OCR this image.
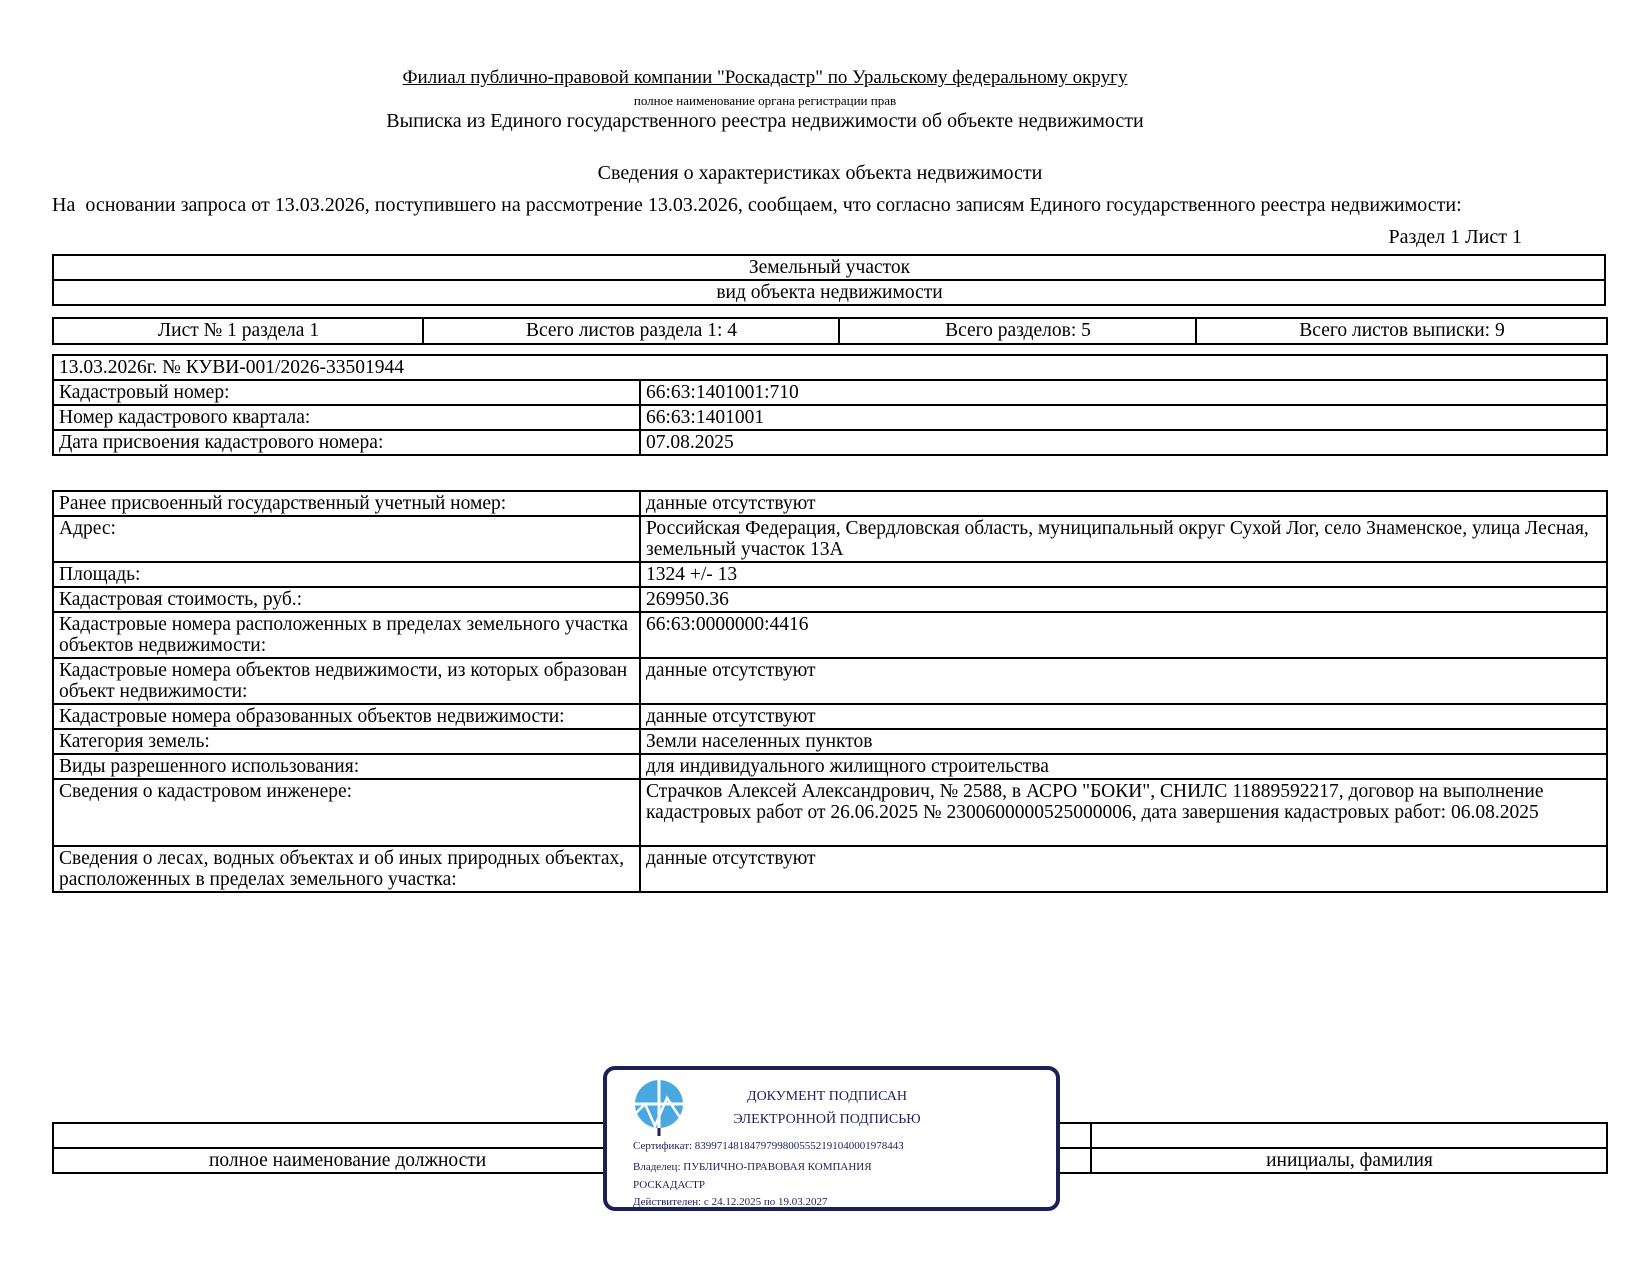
Филиал публично-правовой компании "Роскадастр" по Уральскому федеральному округу
полное наименование органа регистрации прав
Выписка из Единого государственного реестра недвижимости об объекте недвижимости
Сведения о характеристиках объекта недвижимости
На  основании запроса от 13.03.2026, поступившего на рассмотрение 13.03.2026, сообщаем, что согласно записям Единого государственного реестра недвижимости:
Раздел 1 Лист 1
Земельный участок
вид объекта недвижимости
Лист № 1 раздела 1	Всего листов раздела 1: 4	Всего разделов: 5	Всего листов выписки: 9
13.03.2026г. № КУВИ-001/2026-33501944	
Кадастровый номер:	66:63:1401001:710
Номер кадастрового квартала:	66:63:1401001
Дата присвоения кадастрового номера:	07.08.2025
Ранее присвоенный государственный учетный номер:	данные отсутствуют
Адрес:	Российская Федерация, Свердловская область, муниципальный округ Сухой Лог, село Знаменское, улица Лесная, земельный участок 13А
Площадь:	1324 +/- 13
Кадастровая стоимость, руб.:	269950.36
Кадастровые номера расположенных в пределах земельного участка объектов недвижимости:	66:63:0000000:4416
Кадастровые номера объектов недвижимости, из которых образован объект недвижимости:	данные отсутствуют
Кадастровые номера образованных объектов недвижимости:	данные отсутствуют
Категория земель:	Земли населенных пунктов
Виды разрешенного использования:	для индивидуального жилищного строительства
Сведения о кадастровом инженере:	Страчков Алексей Александрович, № 2588, в АСРО "БОКИ", СНИЛС 11889592217, договор на выполнение кадастровых работ от 26.06.2025 № 2300600000525000006, дата завершения кадастровых работ: 06.08.2025
Сведения о лесах, водных объектах и об иных природных объектах, расположенных в пределах земельного участка:	данные отсутствуют

полное наименование должности	инициалы, фамилия
ДОКУМЕНТ ПОДПИСАН
ЭЛЕКТРОННОЙ ПОДПИСЬЮ
Сертификат: 8399714818479799800555219104000197844З
Владелец: ПУБЛИЧНО-ПРАВОВАЯ КОМПАНИЯ
РОСКАДАСТР
Действителен: с 24.12.2025 по 19.03.2027
